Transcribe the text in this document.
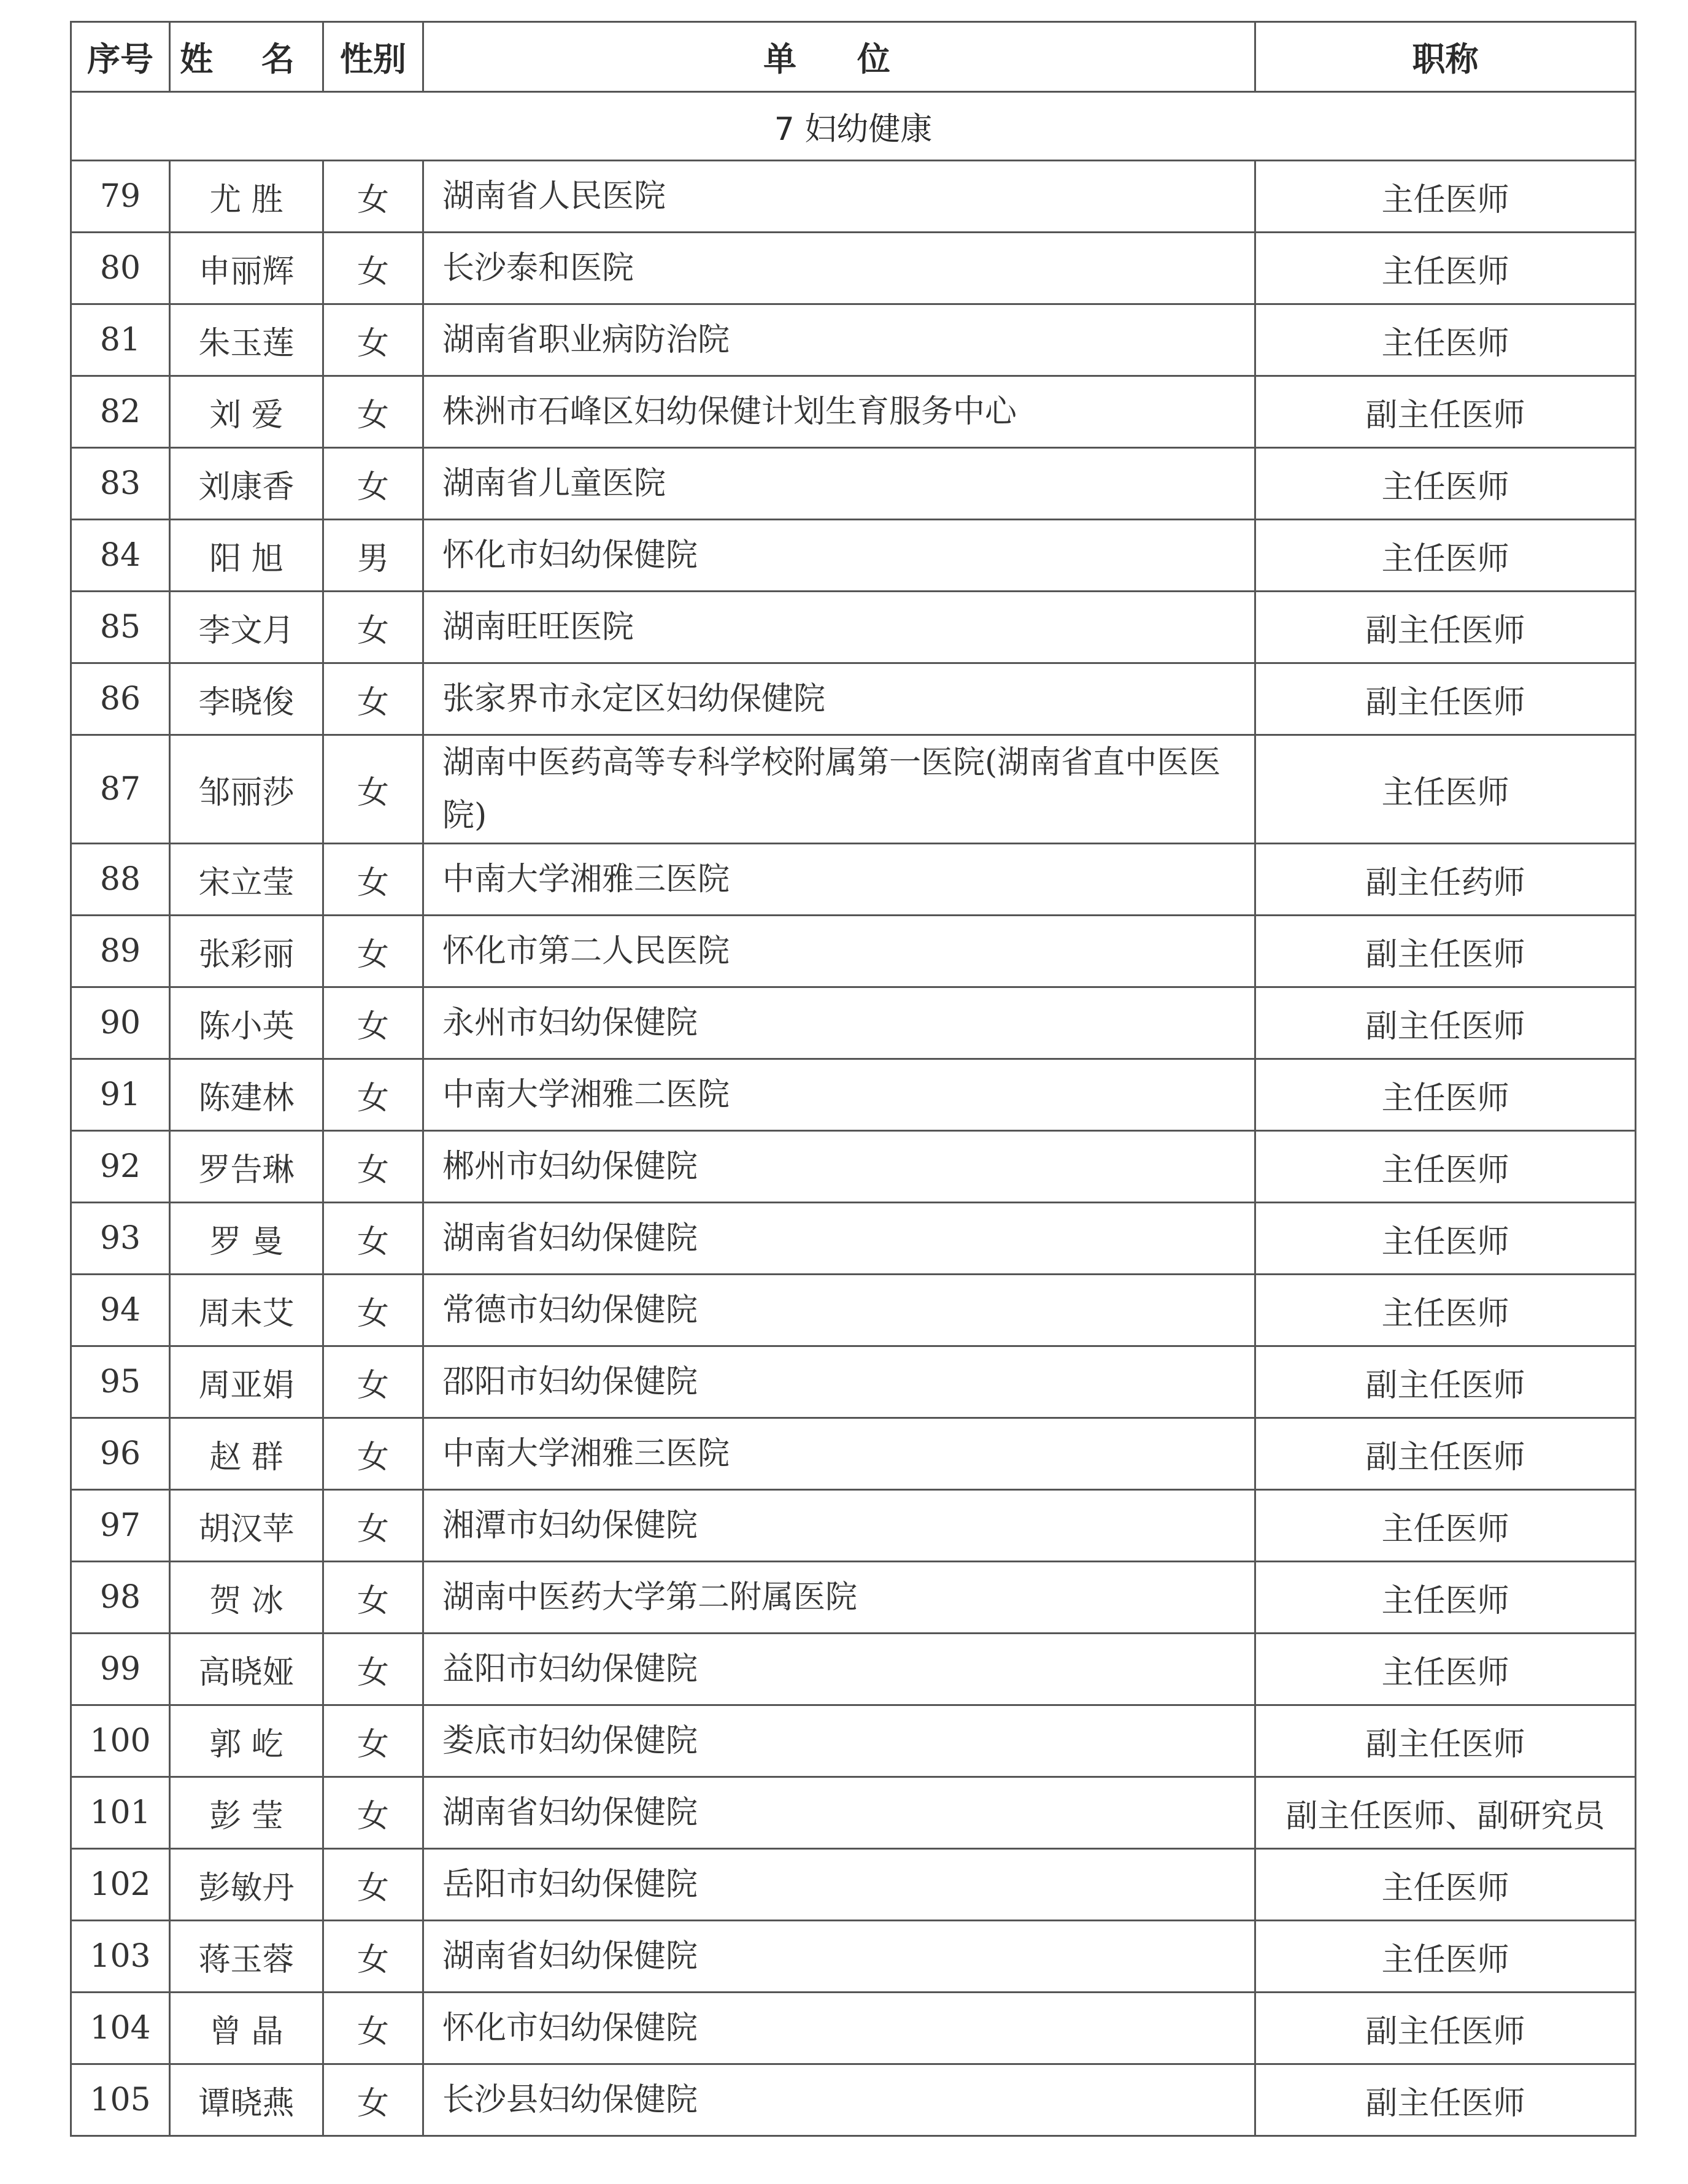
序号	姓 名	性别	单 位	职称
7 妇幼健康				
79	尤 胜	女	湖南省人民医院	主任医师
80	申丽辉	女	长沙泰和医院	主任医师
81	朱玉莲	女	湖南省职业病防治院	主任医师
82	刘 爱	女	株洲市石峰区妇幼保健计划生育服务中心	副主任医师
83	刘康香	女	湖南省儿童医院	主任医师
84	阳 旭	男	怀化市妇幼保健院	主任医师
85	李文月	女	湖南旺旺医院	副主任医师
86	李晓俊	女	张家界市永定区妇幼保健院	副主任医师
87	邹丽莎	女	湖南中医药高等专科学校附属第一医院(湖南省直中医医院)	主任医师
88	宋立莹	女	中南大学湘雅三医院	副主任药师
89	张彩丽	女	怀化市第二人民医院	副主任医师
90	陈小英	女	永州市妇幼保健院	副主任医师
91	陈建林	女	中南大学湘雅二医院	主任医师
92	罗告琳	女	郴州市妇幼保健院	主任医师
93	罗 曼	女	湖南省妇幼保健院	主任医师
94	周未艾	女	常德市妇幼保健院	主任医师
95	周亚娟	女	邵阳市妇幼保健院	副主任医师
96	赵 群	女	中南大学湘雅三医院	副主任医师
97	胡汉苹	女	湘潭市妇幼保健院	主任医师
98	贺 冰	女	湖南中医药大学第二附属医院	主任医师
99	高晓娅	女	益阳市妇幼保健院	主任医师
100	郭 屹	女	娄底市妇幼保健院	副主任医师
101	彭 莹	女	湖南省妇幼保健院	副主任医师、副研究员
102	彭敏丹	女	岳阳市妇幼保健院	主任医师
103	蒋玉蓉	女	湖南省妇幼保健院	主任医师
104	曾 晶	女	怀化市妇幼保健院	副主任医师
105	谭晓燕	女	长沙县妇幼保健院	副主任医师
